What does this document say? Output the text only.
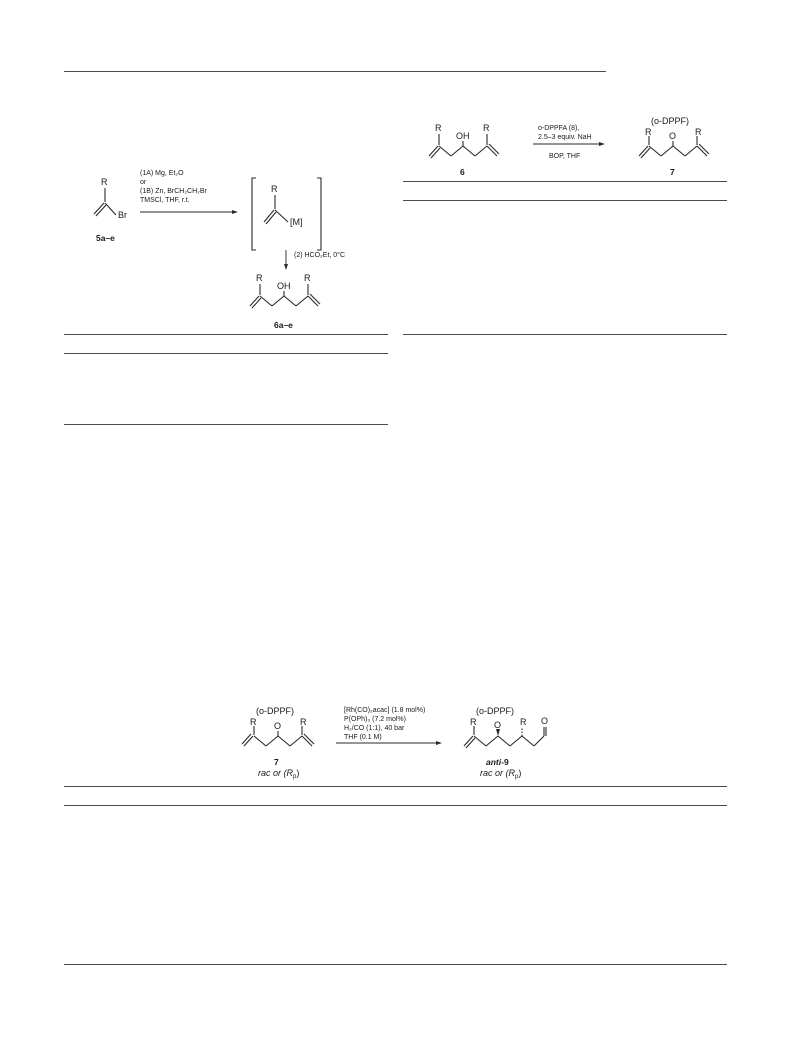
R
Br
5a–e
(1A) Mg, Et₂O
or
(1B) Zn, BrCH₂CH₂Br
TMSCl, THF, r.t.
R
[M]
(2) HCO₂Et, 0°C
R
OH
R
6a–e
R
OH
R
6
o-DPPFA (8),
2.5–3 equiv. NaH
BOP, THF
(o-DPPF)
R O R
7
(o-DPPF)
R O R
7
rac or $(R_p)$
[Rh(CO)₂acac] (1.8 mol%)
P(OPh)₃ (7.2 mol%)
H₂/CO (1:1), 40 bar
THF (0.1 M)
(o-DPPF)
R O R O
anti-9
rac or $(R_p)$
